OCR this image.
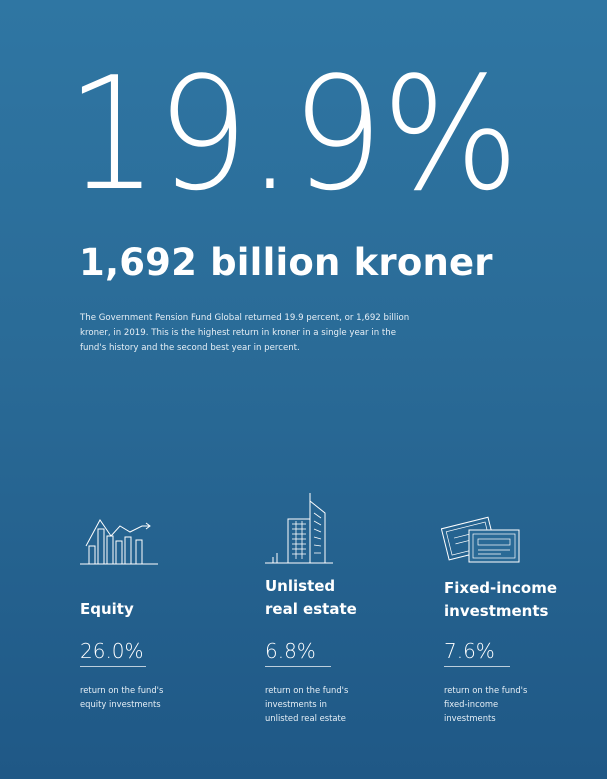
19.9%
1,692 billion kroner
The Government Pension Fund Global returned 19.9 percent, or 1,692 billion kroner, in 2019. This is the highest return in kroner in a single year in the fund's history and the second best year in percent.
Equity
26.0%
return on the fund's
equity investments
Unlisted
real estate
6.8%
return on the fund's
investments in
unlisted real estate
Fixed-income
investments
7.6%
return on the fund's
fixed-income
investments
